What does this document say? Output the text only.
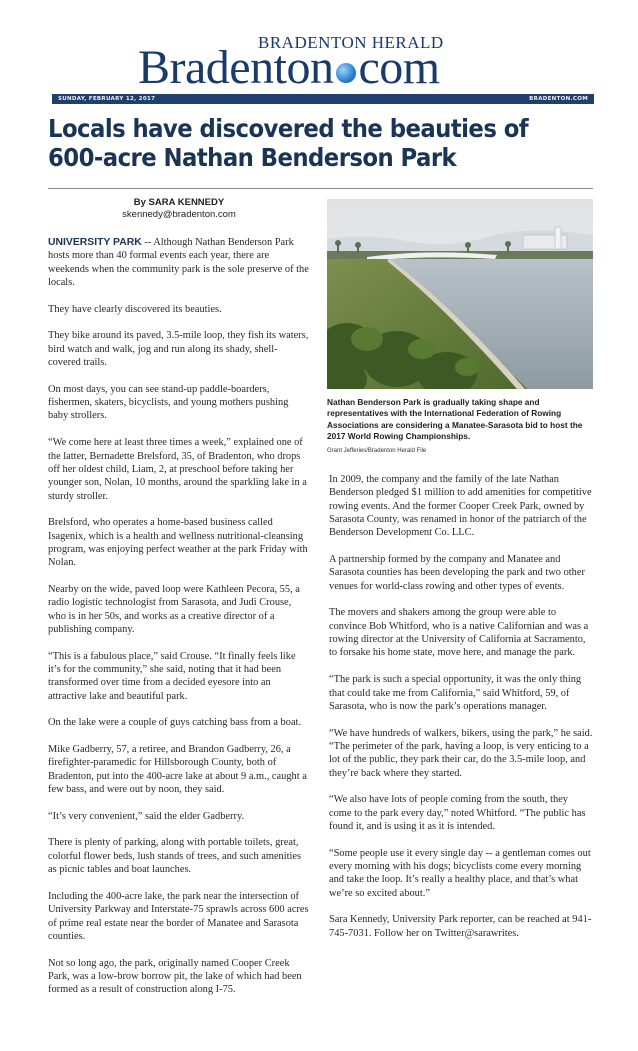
BRADENTON HERALD
Bradenton com
SUNDAY, FEBRUARY 12, 2017	BRADENTON.COM
Locals have discovered the beauties of
600-acre Nathan Benderson Park
By SARA KENNEDY
skennedy@bradenton.com

UNIVERSITY PARK -- Although Nathan Benderson Park hosts more than 40 formal events each year, there are weekends when the community park is the sole preserve of the locals.

They have clearly discovered its beauties.

They bike around its paved, 3.5-mile loop, they fish its waters, bird watch and walk, jog and run along its shady, shell-covered trails.

On most days, you can see stand-up paddle-boarders, fishermen, skaters, bicyclists, and young mothers pushing baby strollers.

“We come here at least three times a week,” explained one of the latter, Bernadette Brelsford, 35, of Bradenton, who drops off her oldest child, Liam, 2, at preschool before taking her younger son, Nolan, 10 months, around the sparkling lake in a sturdy stroller.

Brelsford, who operates a home-based business called Isagenix, which is a health and wellness nutritional-cleansing program, was enjoying perfect weather at the park Friday with Nolan.

Nearby on the wide, paved loop were Kathleen Pecora, 55, a radio logistic technologist from Sarasota, and Judi Crouse, who is in her 50s, and works as a creative director of a publishing company.

“This is a fabulous place,” said Crouse. “It finally feels like it’s for the community,” she said, noting that it had been transformed over time from a decided eyesore into an attractive lake and beautiful park.

On the lake were a couple of guys catching bass from a boat.

Mike Gadberry, 57, a retiree, and Brandon Gadberry, 26, a firefighter-paramedic for Hillsborough County, both of Bradenton, put into the 400-acre lake at about 9 a.m., caught a few bass, and were out by noon, they said.

“It’s very convenient,” said the elder Gadberry.

There is plenty of parking, along with portable toilets, great, colorful flower beds, lush stands of trees, and such amenities as picnic tables and boat launches.

Including the 400-acre lake, the park near the intersection of University Parkway and Interstate-75 sprawls across 600 acres of prime real estate near the border of Manatee and Sarasota counties.

Not so long ago, the park, originally named Cooper Creek Park, was a low-brow borrow pit, the lake of which had been formed as a result of construction along I-75.

Nathan Benderson Park is gradually taking shape and representatives with the International Federation of Rowing Associations are considering a Manatee-Sarasota bid to host the 2017 World Rowing Championships.
Grant Jefferies/Bradenton Herald File

In 2009, the company and the family of the late Nathan Benderson pledged $1 million to add amenities for competitive rowing events. And the former Cooper Creek Park, owned by Sarasota County, was renamed in honor of the patriarch of the Benderson Development Co. LLC.

A partnership formed by the company and Manatee and Sarasota counties has been developing the park and two other venues for world-class rowing and other types of events.

The movers and shakers among the group were able to convince Bob Whitford, who is a native Californian and was a rowing director at the University of California at Sacramento, to forsake his home state, move here, and manage the park.

“The park is such a special opportunity, it was the only thing that could take me from California,” said Whitford, 59, of Sarasota, who is now the park’s operations manager.

“We have hundreds of walkers, bikers, using the park,” he said. “The perimeter of the park, having a loop, is very enticing to a lot of the public, they park their car, do the 3.5-mile loop, and they’re back where they started.

“We also have lots of people coming from the south, they come to the park every day,” noted Whitford. “The public has found it, and is using it as it is intended.

“Some people use it every single day -- a gentleman comes out every morning with his dogs; bicyclists come every morning and take the loop. It’s really a healthy place, and that’s what we’re so excited about.”

Sara Kennedy, University Park reporter, can be reached at 941-745-7031. Follow her on Twitter@sarawrites.
